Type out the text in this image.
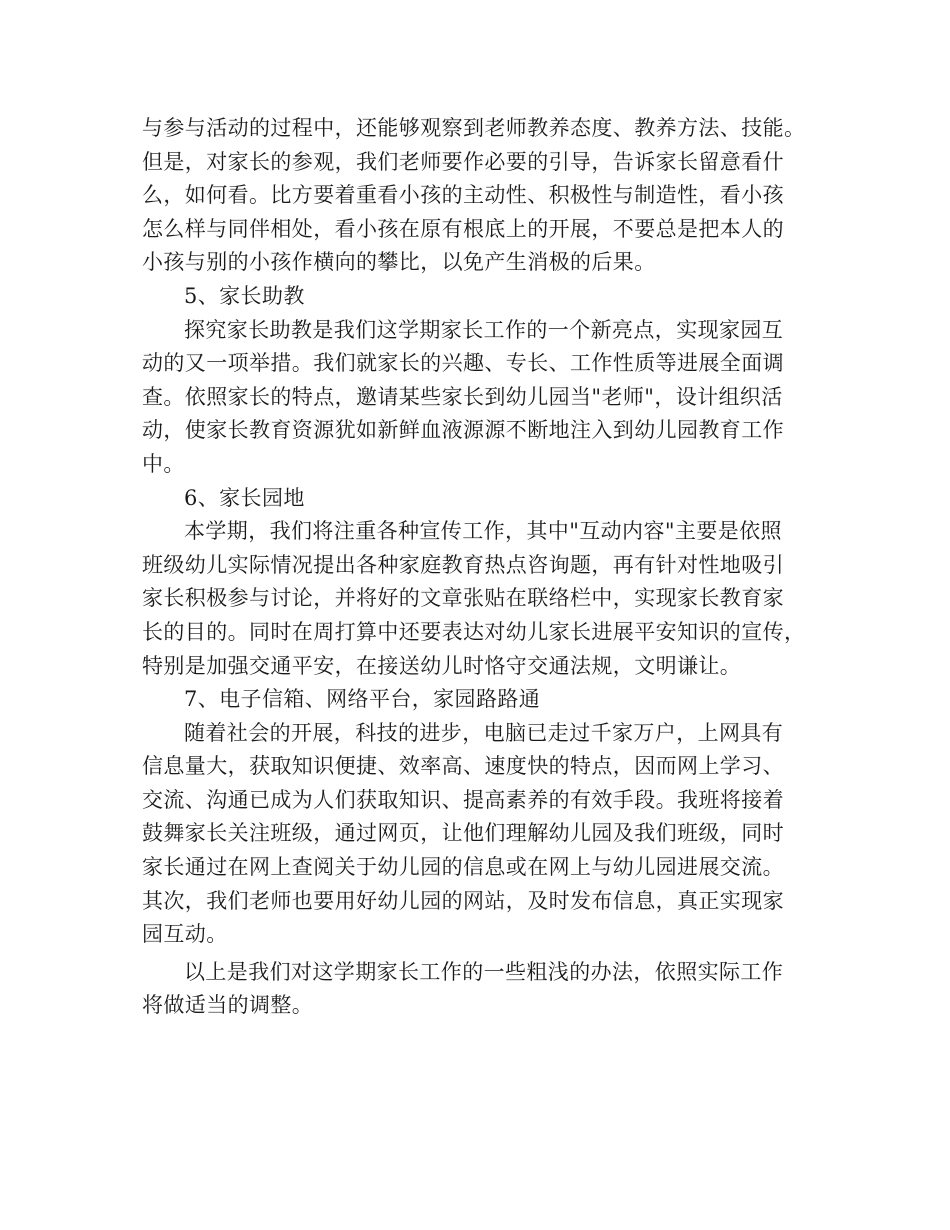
与参与活动的过程中，还能够观察到老师教养态度、教养方法、技能。
但是，对家长的参观，我们老师要作必要的引导，告诉家长留意看什
么，如何看。比方要着重看小孩的主动性、积极性与制造性，看小孩
怎么样与同伴相处，看小孩在原有根底上的开展，不要总是把本人的
小孩与别的小孩作横向的攀比，以免产生消极的后果。
5、家长助教
探究家长助教是我们这学期家长工作的一个新亮点，实现家园互
动的又一项举措。我们就家长的兴趣、专长、工作性质等进展全面调
查。依照家长的特点，邀请某些家长到幼儿园当"老师"，设计组织活
动，使家长教育资源犹如新鲜血液源源不断地注入到幼儿园教育工作
中。
6、家长园地
本学期，我们将注重各种宣传工作，其中"互动内容"主要是依照
班级幼儿实际情况提出各种家庭教育热点咨询题，再有针对性地吸引
家长积极参与讨论，并将好的文章张贴在联络栏中，实现家长教育家
长的目的。同时在周打算中还要表达对幼儿家长进展平安知识的宣传，
特别是加强交通平安，在接送幼儿时恪守交通法规，文明谦让。
7、电子信箱、网络平台，家园路路通
随着社会的开展，科技的进步，电脑已走过千家万户，上网具有
信息量大，获取知识便捷、效率高、速度快的特点，因而网上学习、
交流、沟通已成为人们获取知识、提高素养的有效手段。我班将接着
鼓舞家长关注班级，通过网页，让他们理解幼儿园及我们班级，同时
家长通过在网上查阅关于幼儿园的信息或在网上与幼儿园进展交流。
其次，我们老师也要用好幼儿园的网站，及时发布信息，真正实现家
园互动。
以上是我们对这学期家长工作的一些粗浅的办法，依照实际工作
将做适当的调整。
